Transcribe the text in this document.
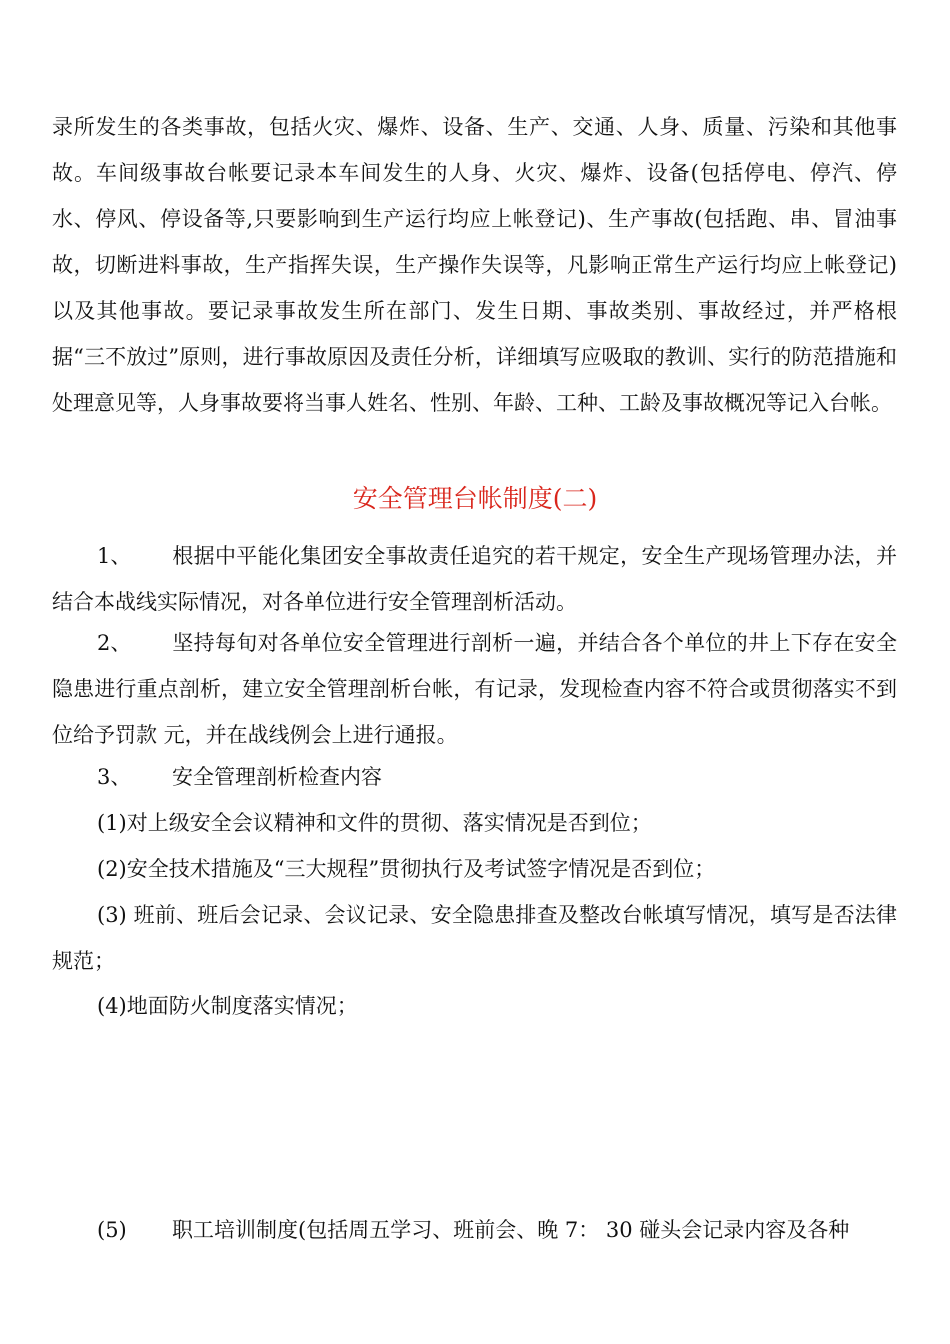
录所发生的各类事故，包括火灾、爆炸、设备、生产、交通、人身、质量、污染和其他事故。车间级事故台帐要记录本车间发生的人身、火灾、爆炸、设备(包括停电、停汽、停水、停风、停设备等,只要影响到生产运行均应上帐登记)、生产事故(包括跑、串、冒油事故，切断进料事故，生产指挥失误，生产操作失误等，凡影响正常生产运行均应上帐登记)以及其他事故。要记录事故发生所在部门、发生日期、事故类别、事故经过，并严格根据“三不放过”原则，进行事故原因及责任分析，详细填写应吸取的教训、实行的防范措施和处理意见等，人身事故要将当事人姓名、性别、年龄、工种、工龄及事故概况等记入台帐。

安全管理台帐制度(二)

1、 根据中平能化集团安全事故责任追究的若干规定，安全生产现场管理办法，并结合本战线实际情况，对各单位进行安全管理剖析活动。

2、 坚持每旬对各单位安全管理进行剖析一遍，并结合各个单位的井上下存在安全隐患进行重点剖析，建立安全管理剖析台帐，有记录，发现检查内容不符合或贯彻落实不到位给予罚款 元，并在战线例会上进行通报。

3、 安全管理剖析检查内容

(1)对上级安全会议精神和文件的贯彻、落实情况是否到位；

(2)安全技术措施及“三大规程”贯彻执行及考试签字情况是否到位；

(3) 班前、班后会记录、会议记录、安全隐患排查及整改台帐填写情况，填写是否法律规范；

(4)地面防火制度落实情况；

(5) 职工培训制度(包括周五学习、班前会、晚 7： 30 碰头会记录内容及各种
